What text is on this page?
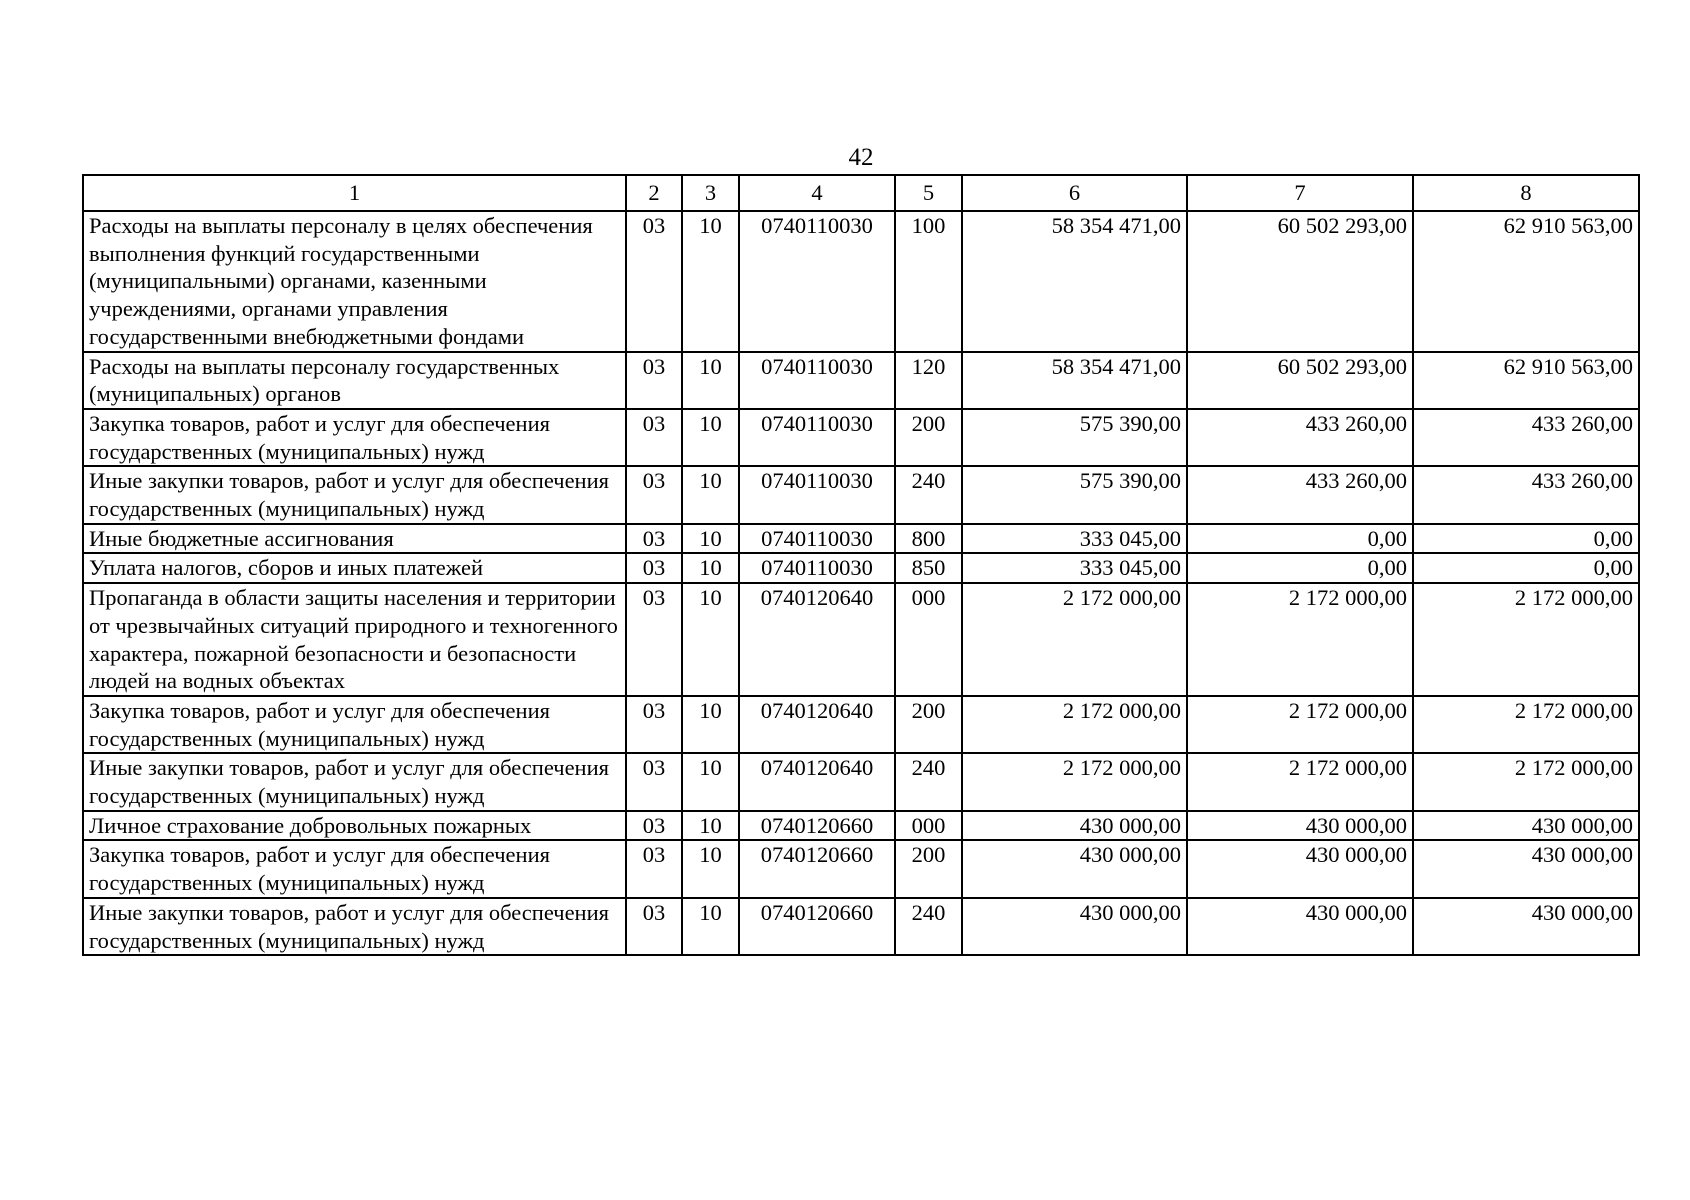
42
1	2	3	4	5	6	7	8
Расходы на выплаты персоналу в целях обеспечения выполнения функций государственными (муниципальными) органами, казенными учреждениями, органами управления государственными внебюджетными фондами	03	10	0740110030	100	58 354 471,00	60 502 293,00	62 910 563,00
Расходы на выплаты персоналу государственных (муниципальных) органов	03	10	0740110030	120	58 354 471,00	60 502 293,00	62 910 563,00
Закупка товаров, работ и услуг для обеспечения государственных (муниципальных) нужд	03	10	0740110030	200	575 390,00	433 260,00	433 260,00
Иные закупки товаров, работ и услуг для обеспечения государственных (муниципальных) нужд	03	10	0740110030	240	575 390,00	433 260,00	433 260,00
Иные бюджетные ассигнования	03	10	0740110030	800	333 045,00	0,00	0,00
Уплата налогов, сборов и иных платежей	03	10	0740110030	850	333 045,00	0,00	0,00
Пропаганда в области защиты населения и территории от чрезвычайных ситуаций природного и техногенного характера, пожарной безопасности и безопасности людей на водных объектах	03	10	0740120640	000	2 172 000,00	2 172 000,00	2 172 000,00
Закупка товаров, работ и услуг для обеспечения государственных (муниципальных) нужд	03	10	0740120640	200	2 172 000,00	2 172 000,00	2 172 000,00
Иные закупки товаров, работ и услуг для обеспечения государственных (муниципальных) нужд	03	10	0740120640	240	2 172 000,00	2 172 000,00	2 172 000,00
Личное страхование добровольных пожарных	03	10	0740120660	000	430 000,00	430 000,00	430 000,00
Закупка товаров, работ и услуг для обеспечения государственных (муниципальных) нужд	03	10	0740120660	200	430 000,00	430 000,00	430 000,00
Иные закупки товаров, работ и услуг для обеспечения государственных (муниципальных) нужд	03	10	0740120660	240	430 000,00	430 000,00	430 000,00
